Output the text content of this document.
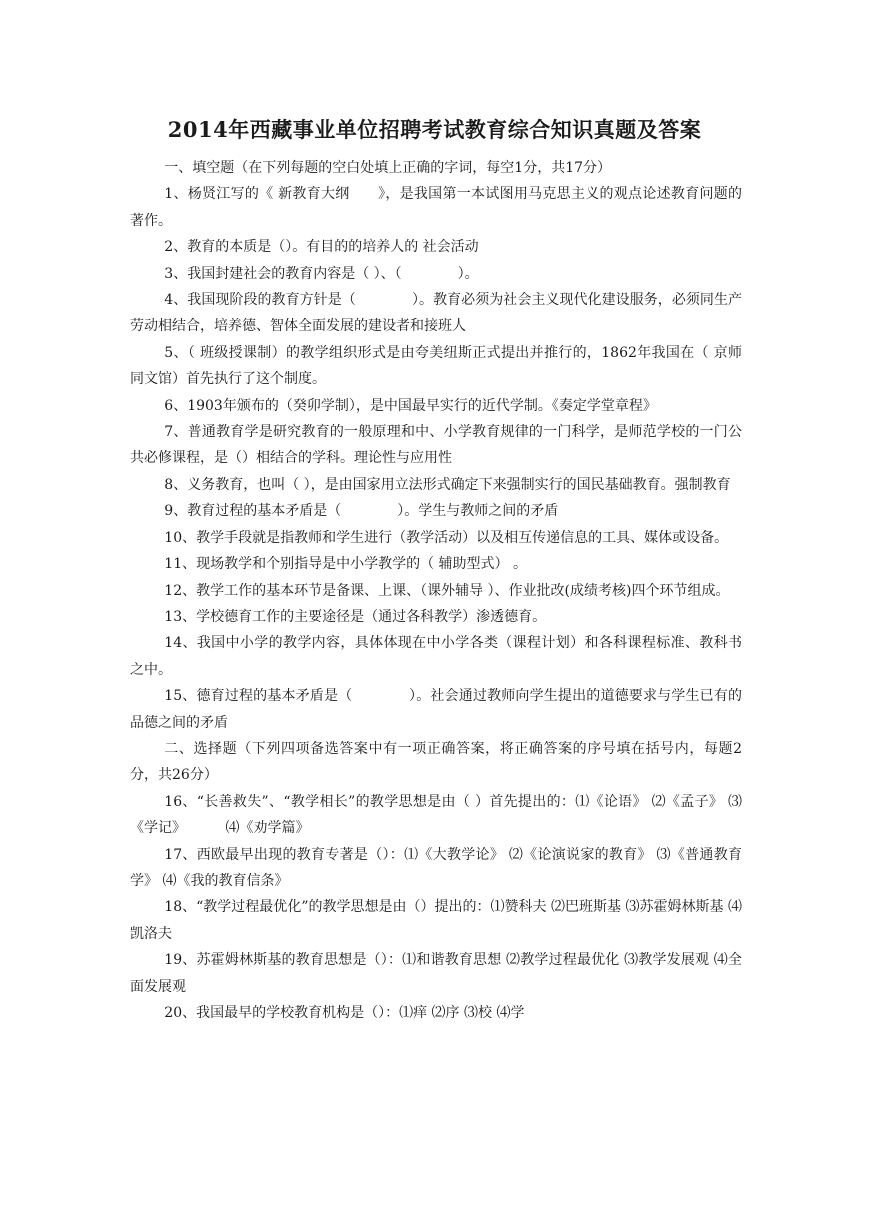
2014年西藏事业单位招聘考试教育综合知识真题及答案

一、填空题（在下列每题的空白处填上正确的字词，每空1分，共17分）

1、杨贤江写的《 新教育大纲　　》，是我国第一本试图用马克思主义的观点论述教育问题的著作。

2、教育的本质是（）。有目的的培养人的 社会活动

3、我国封建社会的教育内容是（ ）、（　　　　）。

4、我国现阶段的教育方针是（　　　　）。教育必须为社会主义现代化建设服务，必须同生产劳动相结合，培养德、智体全面发展的建设者和接班人

5、（ 班级授课制）的教学组织形式是由夸美纽斯正式提出并推行的，1862年我国在（ 京师同文馆）首先执行了这个制度。

6、1903年颁布的（癸卯学制），是中国最早实行的近代学制。《奏定学堂章程》

7、普通教育学是研究教育的一般原理和中、小学教育规律的一门科学，是师范学校的一门公共必修课程，是（）相结合的学科。理论性与应用性

8、义务教育，也叫（ ），是由国家用立法形式确定下来强制实行的国民基础教育。强制教育

9、教育过程的基本矛盾是（　　　　）。学生与教师之间的矛盾

10、教学手段就是指教师和学生进行（教学活动）以及相互传递信息的工具、媒体或设备。

11、现场教学和个别指导是中小学教学的（ 辅助型式） 。

12、教学工作的基本环节是备课、上课、（课外辅导 ）、作业批改(成绩考核)四个环节组成。

13、学校德育工作的主要途径是（通过各科教学）渗透德育。

14、我国中小学的教学内容，具体体现在中小学各类（课程计划）和各科课程标准、教科书之中。

15、德育过程的基本矛盾是（　　　　）。社会通过教师向学生提出的道德要求与学生已有的品德之间的矛盾

二、选择题（下列四项备选答案中有一项正确答案，将正确答案的序号填在括号内，每题2分，共26分）

16、“长善救失”、“教学相长”的教学思想是由（ ）首先提出的：⑴《论语》 ⑵《孟子》 ⑶《学记》　　　 ⑷《劝学篇》

17、西欧最早出现的教育专著是（）：⑴《大教学论》 ⑵《论演说家的教育》 ⑶《普通教育学》 ⑷《我的教育信条》

18、“教学过程最优化”的教学思想是由（）提出的：⑴赞科夫 ⑵巴班斯基 ⑶苏霍姆林斯基 ⑷凯洛夫

19、苏霍姆林斯基的教育思想是（）：⑴和谐教育思想 ⑵教学过程最优化 ⑶教学发展观 ⑷全面发展观

20、我国最早的学校教育机构是（）：⑴痒 ⑵序 ⑶校 ⑷学
